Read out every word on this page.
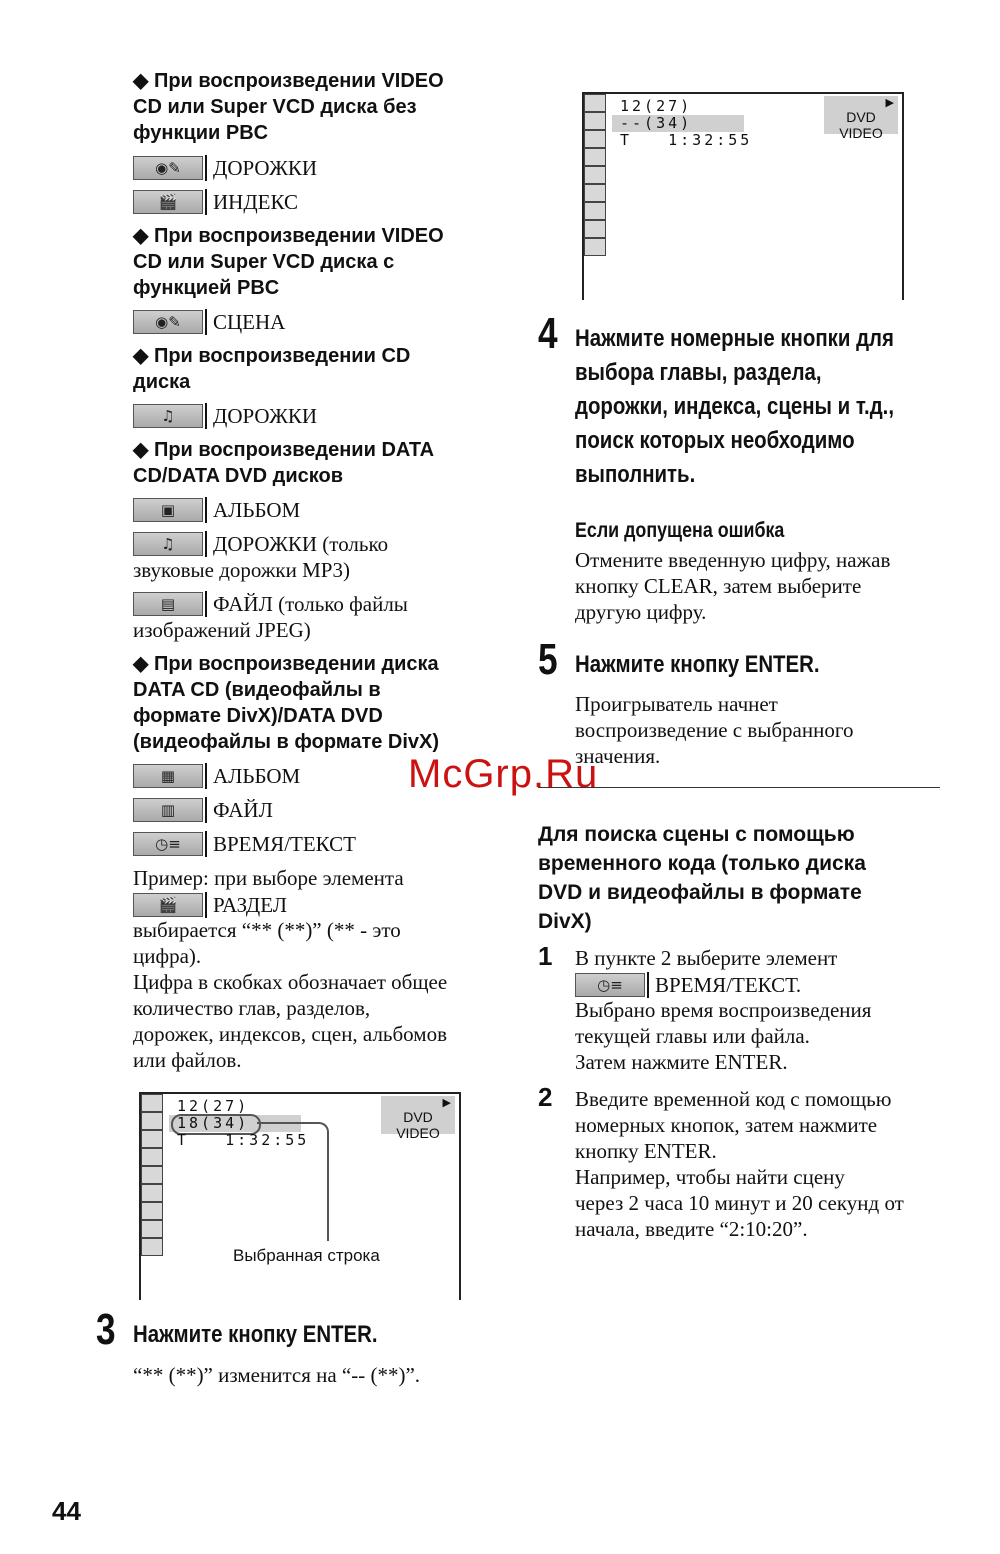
◆ При воспроизведении VIDEO
CD или Super VCD диска без
функции PBC
◉✎	ДОРОЖКИ
🎬	ИНДЕКС
◆ При воспроизведении VIDEO
CD или Super VCD диска с
функцией PBC
◉✎	СЦЕНА
◆ При воспроизведении CD
диска
♫	ДОРОЖКИ
◆ При воспроизведении DATA
CD/DATA DVD дисков
▣	АЛЬБОМ
♫	ДОРОЖКИ (только
звуковые дорожки MP3)
▤	ФАЙЛ (только файлы
изображений JPEG)
◆ При воспроизведении диска
DATA CD (видеофайлы в
формате DivX)/DATA DVD
(видеофайлы в формате DivX)
▦	АЛЬБОМ
▥	ФАЙЛ
◷≡	ВРЕМЯ/ТЕКСТ
Пример: при выборе элемента
🎬	РАЗДЕЛ
выбирается “** (**)” (** - это
цифра).
Цифра в скобках обозначает общее
количество глав, разделов,
дорожек, индексов, сцен, альбомов
или файлов.
12(27)
18(34)
T   1:32:55
▶
DVD VIDEO
Выбранная строка
3 Нажмите кнопку ENTER.
“** (**)” изменится на “-- (**)”.
44
12(27)
--(34)
T   1:32:55
▶
DVD VIDEO
4 Нажмите номерные кнопки для
выбора главы, раздела,
дорожки, индекса, сцены и т.д.,
поиск которых необходимо
выполнить.
Если допущена ошибка
Отмените введенную цифру, нажав
кнопку CLEAR, затем выберите
другую цифру.
5 Нажмите кнопку ENTER.
Проигрыватель начнет
воспроизведение с выбранного
значения.
McGrp.Ru
Для поиска сцены с помощью
временного кода (только диска
DVD и видеофайлы в формате
DivX)
1 В пункте 2 выберите элемент
◷≡	ВРЕМЯ/ТЕКСТ.
Выбрано время воспроизведения
текущей главы или файла.
Затем нажмите ENTER.
2 Введите временной код с помощью
номерных кнопок, затем нажмите
кнопку ENTER.
Например, чтобы найти сцену
через 2 часа 10 минут и 20 секунд от
начала, введите “2:10:20”.
